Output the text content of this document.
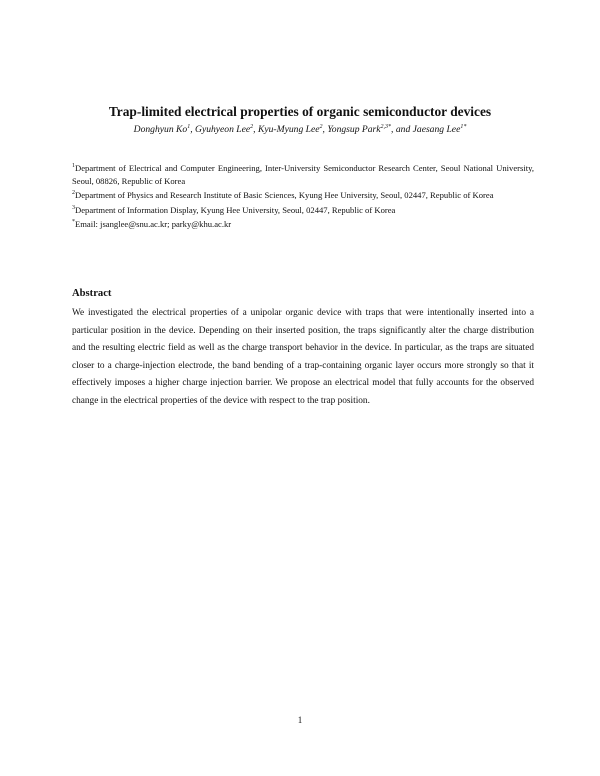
Trap-limited electrical properties of organic semiconductor devices

Donghyun Ko$^1$, Gyuhyeon Lee$^2$, Kyu-Myung Lee$^2$, Yongsup Park$^{2,3*}$, and Jaesang Lee$^{1*}$

$^1$Department of Electrical and Computer Engineering, Inter-University Semiconductor Research Center, Seoul National University, Seoul, 08826, Republic of Korea

$^2$Department of Physics and Research Institute of Basic Sciences, Kyung Hee University, Seoul, 02447, Republic of Korea

$^3$Department of Information Display, Kyung Hee University, Seoul, 02447, Republic of Korea

*Email: jsanglee@snu.ac.kr; parky@khu.ac.kr

Abstract

We investigated the electrical properties of a unipolar organic device with traps that were intentionally inserted into a particular position in the device. Depending on their inserted position, the traps significantly alter the charge distribution and the resulting electric field as well as the charge transport behavior in the device. In particular, as the traps are situated closer to a charge-injection electrode, the band bending of a trap-containing organic layer occurs more strongly so that it effectively imposes a higher charge injection barrier. We propose an electrical model that fully accounts for the observed change in the electrical properties of the device with respect to the trap position.

1
